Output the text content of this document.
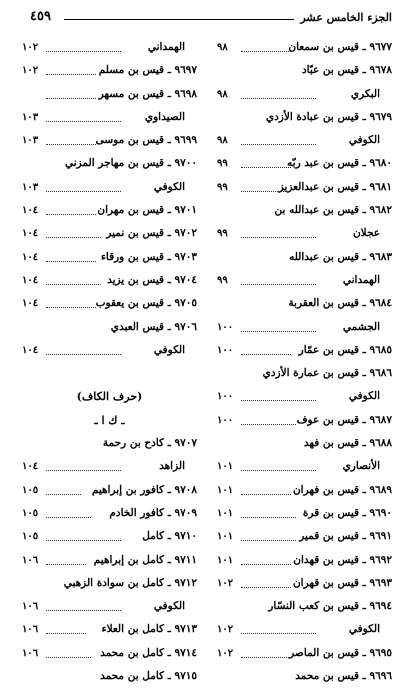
الجزء الخامس عشر
٤٥٩
٩٦٧٧ ـ قيس بن سمعان
٩٨
٩٦٧٨ ـ قيس بن عبّاد
البكري
٩٨
٩٦٧٩ ـ قيس بن عبادة الأزدي
الكوفي
٩٨
٩٦٨٠ ـ قيس بن عبد ربّه
٩٩
٩٦٨١ ـ قيس بن عبدالعزيز
٩٩
٩٦٨٢ ـ قيس بن عبدالله بن
عجلان
٩٩
٩٦٨٣ ـ قيس بن عبدالله
الهمداني
٩٩
٩٦٨٤ ـ قيس بن العقربة
الجشمي
١٠٠
٩٦٨٥ ـ قيس بن عمّار
١٠٠
٩٦٨٦ ـ قيس بن عمارة الأزدي
الكوفي
١٠٠
٩٦٨٧ ـ قيس بن عوف
١٠٠
٩٦٨٨ ـ قيس بن فهد
الأنصاري
١٠١
٩٦٨٩ ـ قيس بن فهران
١٠١
٩٦٩٠ ـ قيس بن قرة
١٠١
٩٦٩١ ـ قيس بن قمير
١٠١
٩٦٩٢ ـ قيس بن قهدان
١٠١
٩٦٩٣ ـ قيس بن قهران
١٠٢
٩٦٩٤ ـ قيس بن كعب النسّار
الكوفي
١٠٢
٩٦٩٥ ـ قيس بن الماصر
١٠٢
٩٦٩٦ ـ قيس بن محمد
الهمداني
١٠٢
٩٦٩٧ ـ قيس بن مسلم
١٠٢
٩٦٩٨ ـ قيس بن مسهر
الصيداوي
١٠٣
٩٦٩٩ ـ قيس بن موسى
١٠٣
٩٧٠٠ ـ قيس بن مهاجر المزني
الكوفي
١٠٣
٩٧٠١ ـ قيس بن مهران
١٠٤
٩٧٠٢ ـ قيس بن نمير
١٠٤
٩٧٠٣ ـ قيس بن ورقاء
١٠٤
٩٧٠٤ ـ قيس بن يزيد
١٠٤
٩٧٠٥ ـ قيس بن يعقوب
١٠٤
٩٧٠٦ ـ قيس العبدي
الكوفي
١٠٤
(حرف الكاف)
ـ ك ا ـ
٩٧٠٧ ـ كادح بن رحمة
الزاهد
١٠٤
٩٧٠٨ ـ كافور بن إبراهيم
١٠٥
٩٧٠٩ ـ كافور الخادم
١٠٥
٩٧١٠ ـ كامل
١٠٥
٩٧١١ ـ كامل بن إبراهيم
١٠٦
٩٧١٢ ـ كامل بن سوادة الزهبي
الكوفي
١٠٦
٩٧١٣ ـ كامل بن العلاء
١٠٦
٩٧١٤ ـ كامل بن محمد
١٠٦
٩٧١٥ ـ كامل بن محمد
